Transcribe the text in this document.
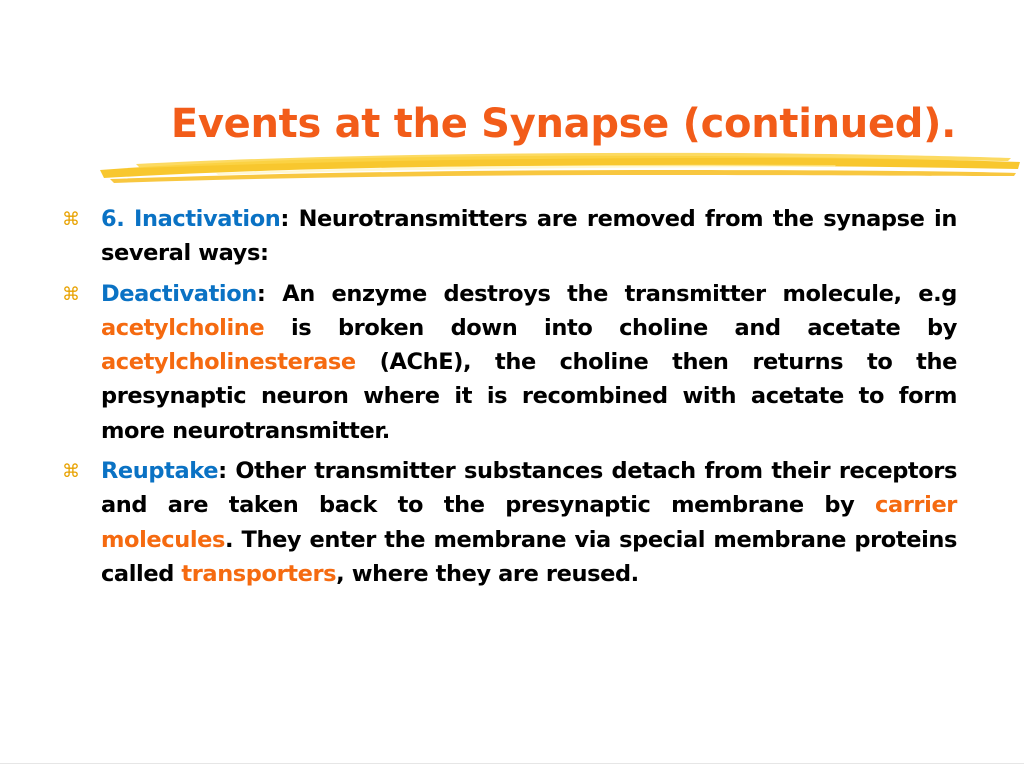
Events at the Synapse (continued).
⌘ 6. Inactivation: Neurotransmitters are removed from the synapse in several ways:
⌘ Deactivation: An enzyme destroys the transmitter molecule, e.g acetylcholine is broken down into choline and acetate by acetylcholinesterase (AChE), the choline then returns to the presynaptic neuron where it is recombined with acetate to form more neurotransmitter.
⌘ Reuptake: Other transmitter substances detach from their receptors and are taken back to the presynaptic membrane by carrier molecules. They enter the membrane via special membrane proteins called transporters, where they are reused.
